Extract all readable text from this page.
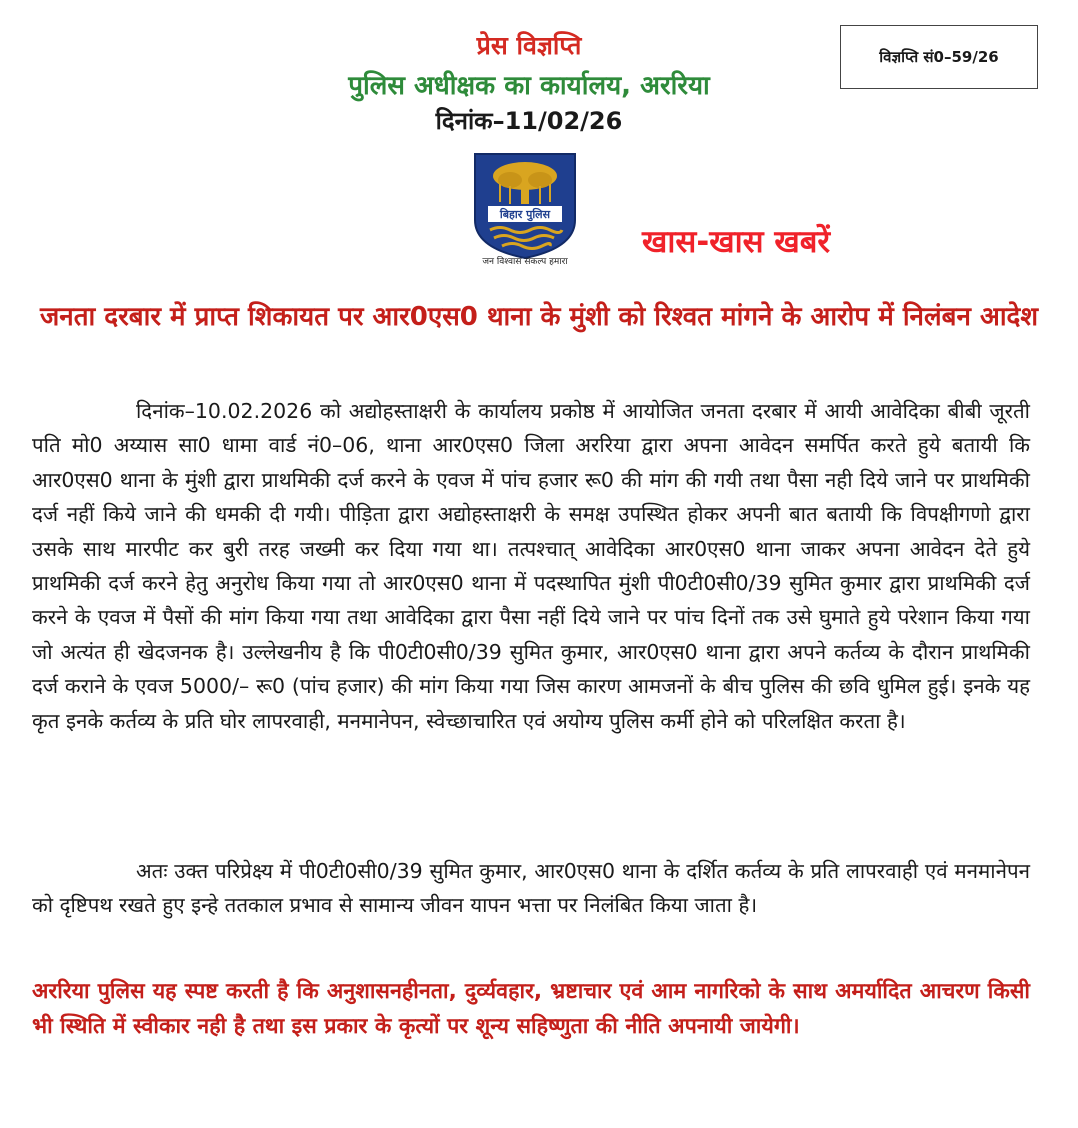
प्रेस विज्ञप्ति
पुलिस अधीक्षक का कार्यालय, अररिया
दिनांक–11/02/26
विज्ञप्ति सं0–59/26
बिहार पुलिस
जन विश्वास संकल्प हमारा
खास-खास खबरें
जनता दरबार में प्राप्त शिकायत पर आर0एस0 थाना के मुंशी को रिश्वत मांगने के आरोप में निलंबन आदेश

दिनांक–10.02.2026 को अद्योहस्ताक्षरी के कार्यालय प्रकोष्ठ में आयोजित जनता दरबार में आयी आवेदिका बीबी जूरती पति मो0 अय्यास सा0 धामा वार्ड नं0–06, थाना आर0एस0 जिला अररिया द्वारा अपना आवेदन समर्पित करते हुये बतायी कि आर0एस0 थाना के मुंशी द्वारा प्राथमिकी दर्ज करने के एवज में पांच हजार रू0 की मांग की गयी तथा पैसा नही दिये जाने पर प्राथमिकी दर्ज नहीं किये जाने की धमकी दी गयी। पीड़िता द्वारा अद्योहस्ताक्षरी के समक्ष उपस्थित होकर अपनी बात बतायी कि विपक्षीगणो द्वारा उसके साथ मारपीट कर बुरी तरह जख्मी कर दिया गया था। तत्पश्चात् आवेदिका आर0एस0 थाना जाकर अपना आवेदन देते हुये प्राथमिकी दर्ज करने हेतु अनुरोध किया गया तो आर0एस0 थाना में पदस्थापित मुंशी पी0टी0सी0/39 सुमित कुमार द्वारा प्राथमिकी दर्ज करने के एवज में पैसों की मांग किया गया तथा आवेदिका द्वारा पैसा नहीं दिये जाने पर पांच दिनों तक उसे घुमाते हुये परेशान किया गया जो अत्यंत ही खेदजनक है। उल्लेखनीय है कि पी0टी0सी0/39 सुमित कुमार, आर0एस0 थाना द्वारा अपने कर्तव्य के दौरान प्राथमिकी दर्ज कराने के एवज 5000/– रू0 (पांच हजार) की मांग किया गया जिस कारण आमजनों के बीच पुलिस की छवि धुमिल हुई। इनके यह कृत इनके कर्तव्य के प्रति घोर लापरवाही, मनमानेपन, स्वेच्छाचारित एवं अयोग्य पुलिस कर्मी होने को परिलक्षित करता है।

अतः उक्त परिप्रेक्ष्य में पी0टी0सी0/39 सुमित कुमार, आर0एस0 थाना के दर्शित कर्तव्य के प्रति लापरवाही एवं मनमानेपन को दृष्टिपथ रखते हुए इन्हे ततकाल प्रभाव से सामान्य जीवन यापन भत्ता पर निलंबित किया जाता है।

अररिया पुलिस यह स्पष्ट करती है कि अनुशासनहीनता, दुर्व्यवहार, भ्रष्टाचार एवं आम नागरिको के साथ अमर्यादित आचरण किसी भी स्थिति में स्वीकार नही है तथा इस प्रकार के कृत्यों पर शून्य सहिष्णुता की नीति अपनायी जायेगी।
